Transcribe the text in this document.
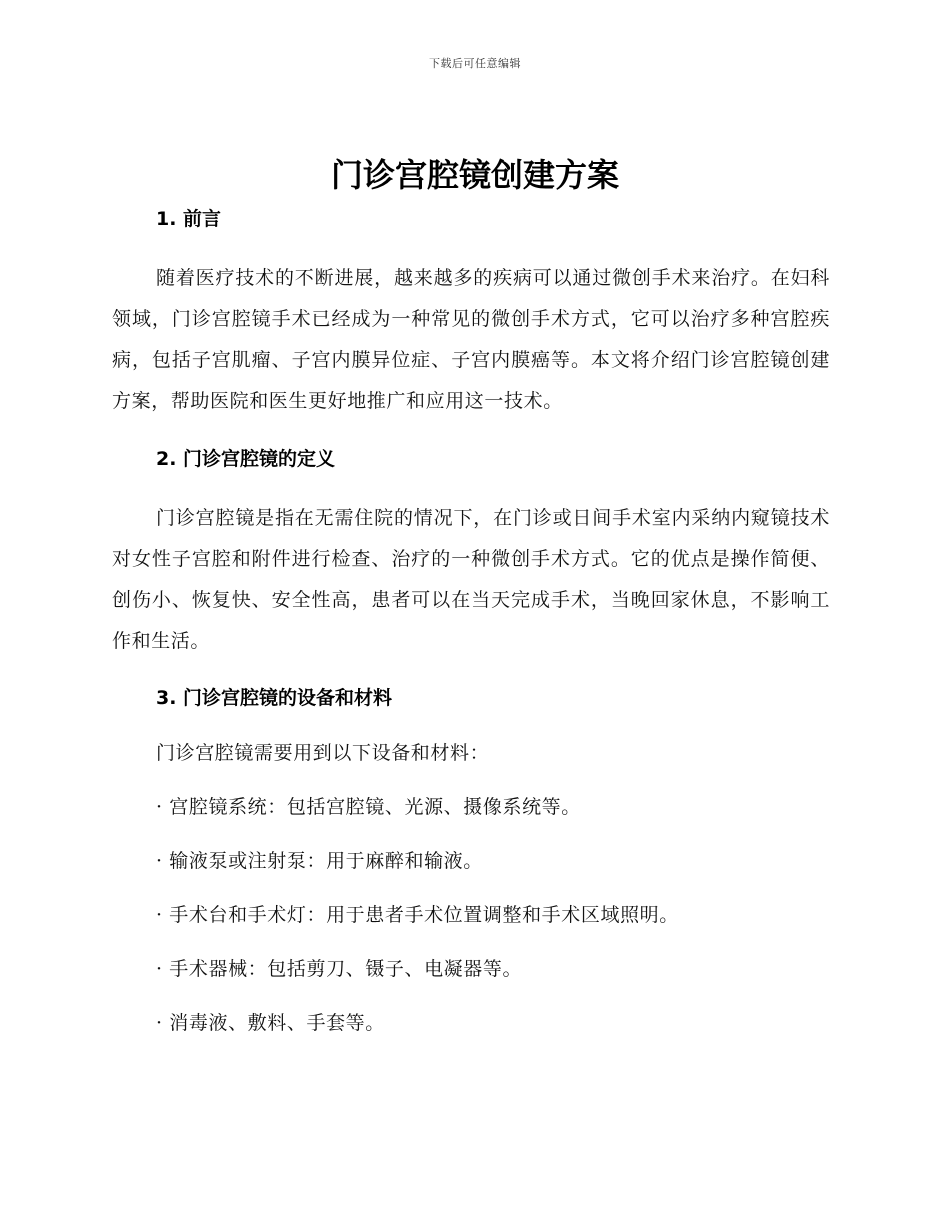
下载后可任意编辑
门诊宫腔镜创建方案
1. 前言

随着医疗技术的不断进展，越来越多的疾病可以通过微创手术来治疗。在妇科领域，门诊宫腔镜手术已经成为一种常见的微创手术方式，它可以治疗多种宫腔疾病，包括子宫肌瘤、子宫内膜异位症、子宫内膜癌等。本文将介绍门诊宫腔镜创建方案，帮助医院和医生更好地推广和应用这一技术。

2. 门诊宫腔镜的定义

门诊宫腔镜是指在无需住院的情况下，在门诊或日间手术室内采纳内窥镜技术对女性子宫腔和附件进行检查、治疗的一种微创手术方式。它的优点是操作简便、创伤小、恢复快、安全性高，患者可以在当天完成手术，当晚回家休息，不影响工作和生活。

3. 门诊宫腔镜的设备和材料

门诊宫腔镜需要用到以下设备和材料：

· 宫腔镜系统：包括宫腔镜、光源、摄像系统等。

· 输液泵或注射泵：用于麻醉和输液。

· 手术台和手术灯：用于患者手术位置调整和手术区域照明。

· 手术器械：包括剪刀、镊子、电凝器等。

· 消毒液、敷料、手套等。
